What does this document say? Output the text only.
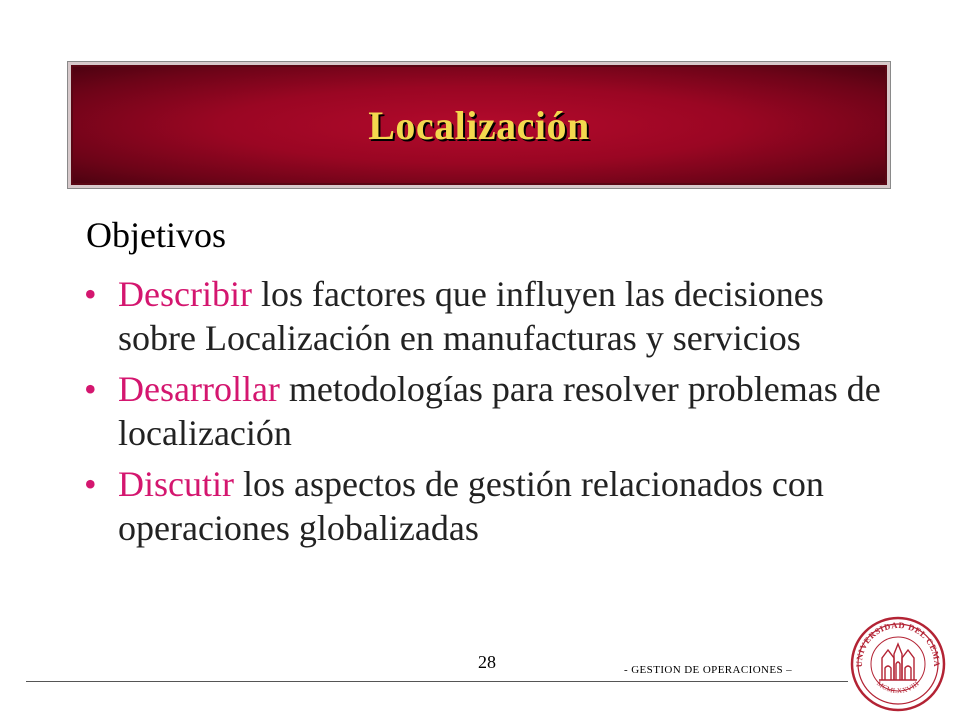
Localización
Objetivos
• Describir los factores que influyen las decisiones sobre Localización en manufacturas y servicios
• Desarrollar metodologías para resolver problemas de localización
• Discutir los aspectos de gestión relacionados con operaciones globalizadas
28	- GESTION DE OPERACIONES –
UNIVERSIDAD DEL CEMA
MCMLXXVIII
